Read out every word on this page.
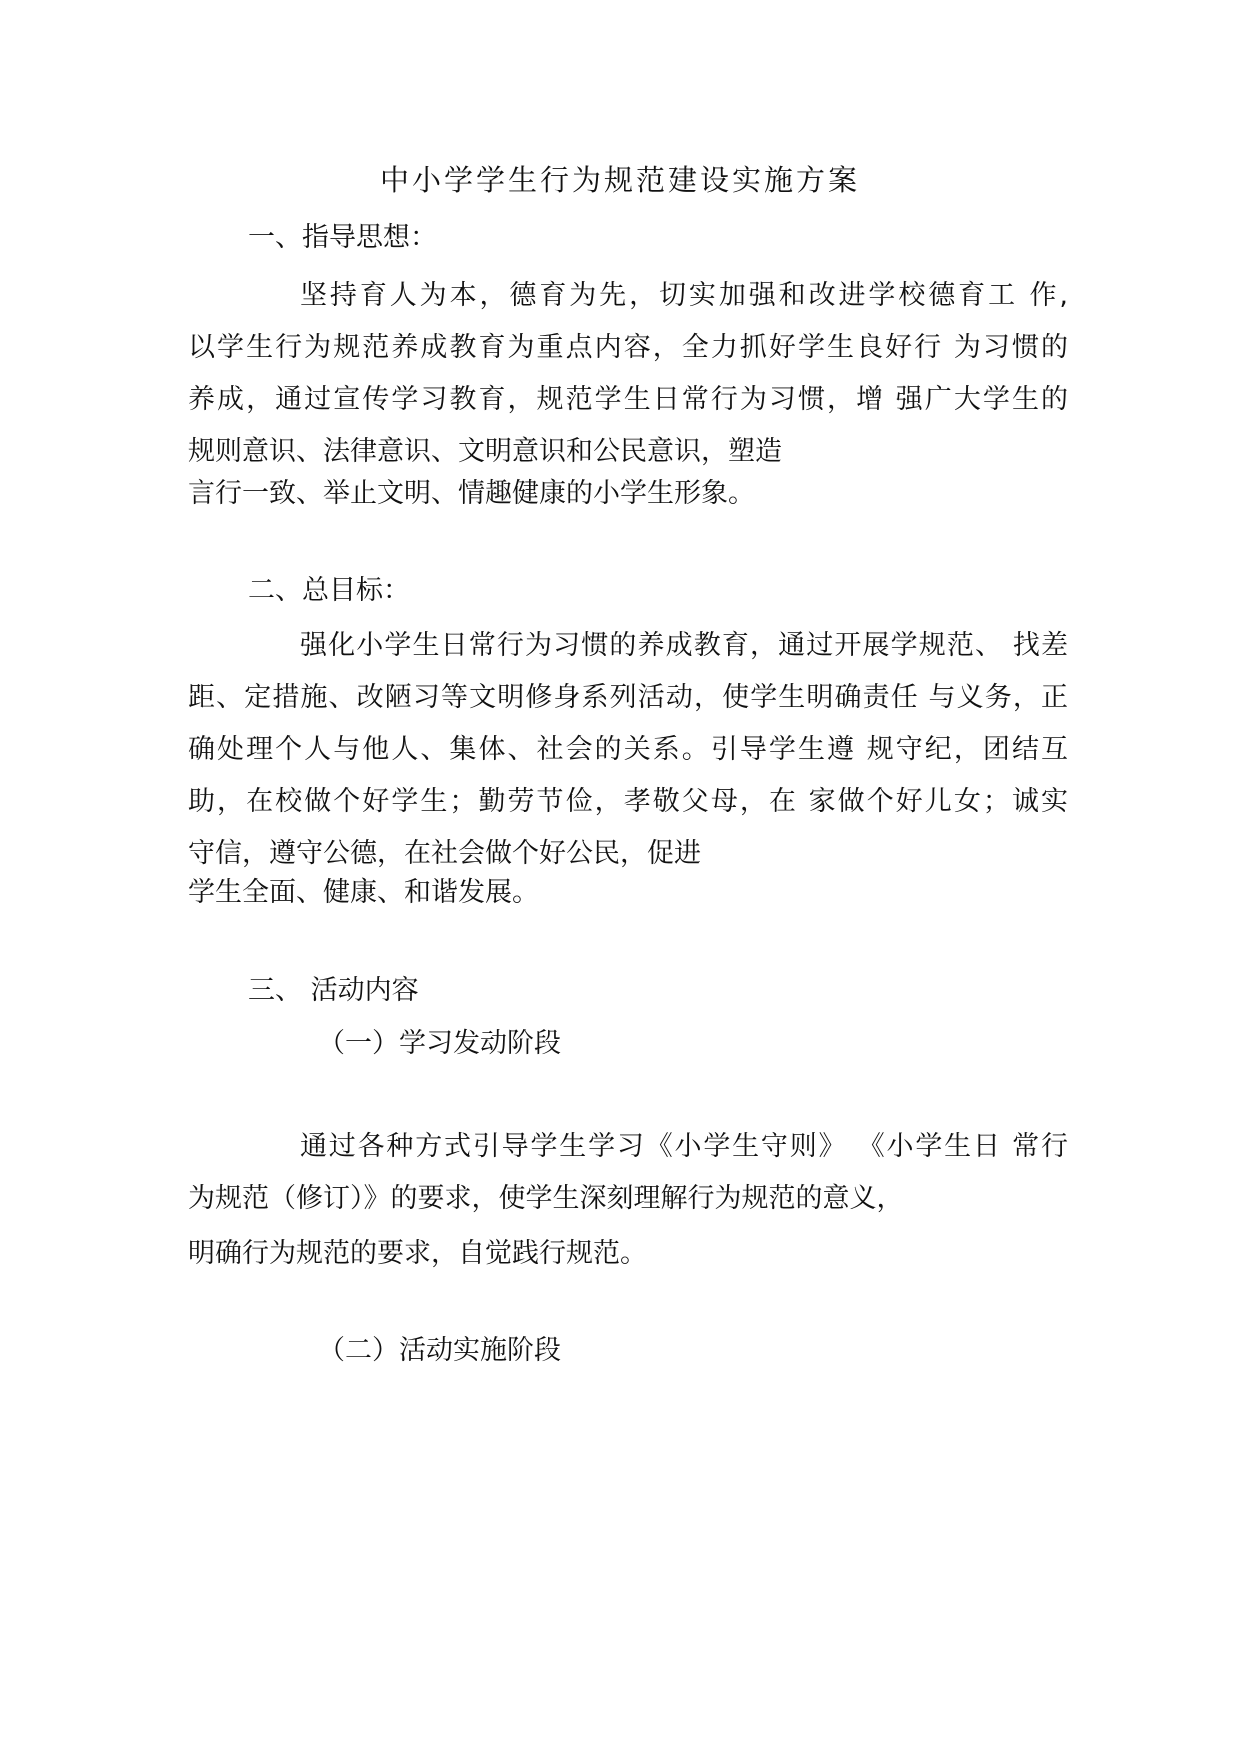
中小学学生行为规范建设实施方案
一、指导思想：

坚持育人为本，德育为先，切实加强和改进学校德育工 作,
以学生行为规范养成教育为重点内容，全力抓好学生良好行 为习惯的
养成，通过宣传学习教育，规范学生日常行为习惯，增 强广大学生的
规则意识、法律意识、文明意识和公民意识，塑造

言行一致、举止文明、情趣健康的小学生形象。

二、总目标：

强化小学生日常行为习惯的养成教育，通过开展学规范、 找差
距、定措施、改陋习等文明修身系列活动，使学生明确责任 与义务，正
确处理个人与他人、集体、社会的关系。引导学生遵 规守纪，团结互
助，在校做个好学生；勤劳节俭，孝敬父母，在 家做个好儿女；诚实
守信，遵守公德，在社会做个好公民，促进

学生全面、健康、和谐发展。

三、 活动内容
（一）学习发动阶段

通过各种方式引导学生学习《小学生守则》 《小学生日 常行
为规范（修订）》的要求，使学生深刻理解行为规范的意义，

明确行为规范的要求，自觉践行规范。

（二）活动实施阶段
